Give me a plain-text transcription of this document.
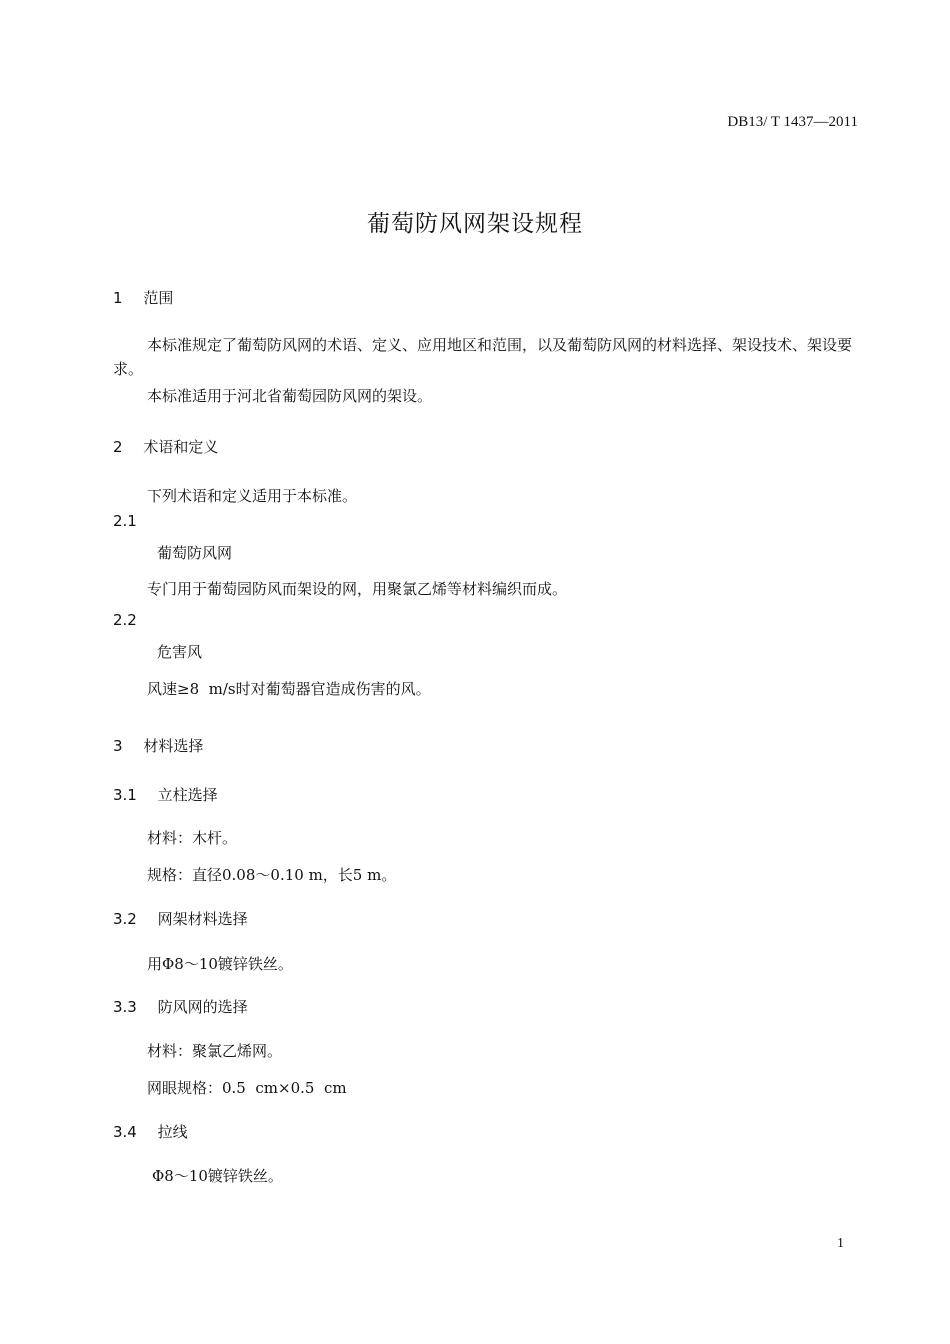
DB13/ T 1437—2011
葡萄防风网架设规程
1 范围
本标准规定了葡萄防风网的术语、定义、应用地区和范围，以及葡萄防风网的材料选择、架设技术、架设要求。
本标准适用于河北省葡萄园防风网的架设。
2 术语和定义
下列术语和定义适用于本标准。
2.1
葡萄防风网
专门用于葡萄园防风而架设的网，用聚氯乙烯等材料编织而成。
2.2
危害风
风速≥8  m/s时对葡萄器官造成伤害的风。
3 材料选择
3.1 立柱选择
材料：木杆。
规格：直径0.08～0.10 m，长5 m。
3.2 网架材料选择
用Φ8～10镀锌铁丝。
3.3 防风网的选择
材料：聚氯乙烯网。
网眼规格：0.5  cm×0.5  cm
3.4 拉线
Φ8～10镀锌铁丝。
1
